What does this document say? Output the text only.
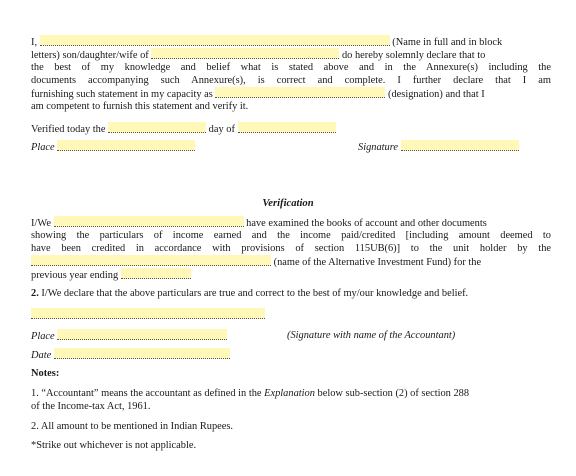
I,	(Name in full and in block
letters) son/daughter/wife of	do hereby solemnly declare that to
the best of my knowledge and belief what is stated above and in the Annexure(s) including the
documents accompanying such Annexure(s), is correct and complete. I further declare that I am
furnishing such statement in my capacity as	(designation) and that I
am competent to furnish this statement and verify it.
Verified today the	day of
Place	Signature
Verification
I/We	have examined the books of account and other documents
showing the particulars of income earned and the income paid/credited [including amount deemed to
have been credited in accordance with provisions of section 115UB(6)] to the unit holder by the
(name of the Alternative Investment Fund) for the
previous year ending
2. I/We declare that the above particulars are true and correct to the best of my/our knowledge and belief.
Place	(Signature with name of the Accountant)
Date
Notes:
1. “Accountant” means the accountant as defined in the Explanation below sub-section (2) of section 288
of the Income-tax Act, 1961.
2. All amount to be mentioned in Indian Rupees.
*Strike out whichever is not applicable.
